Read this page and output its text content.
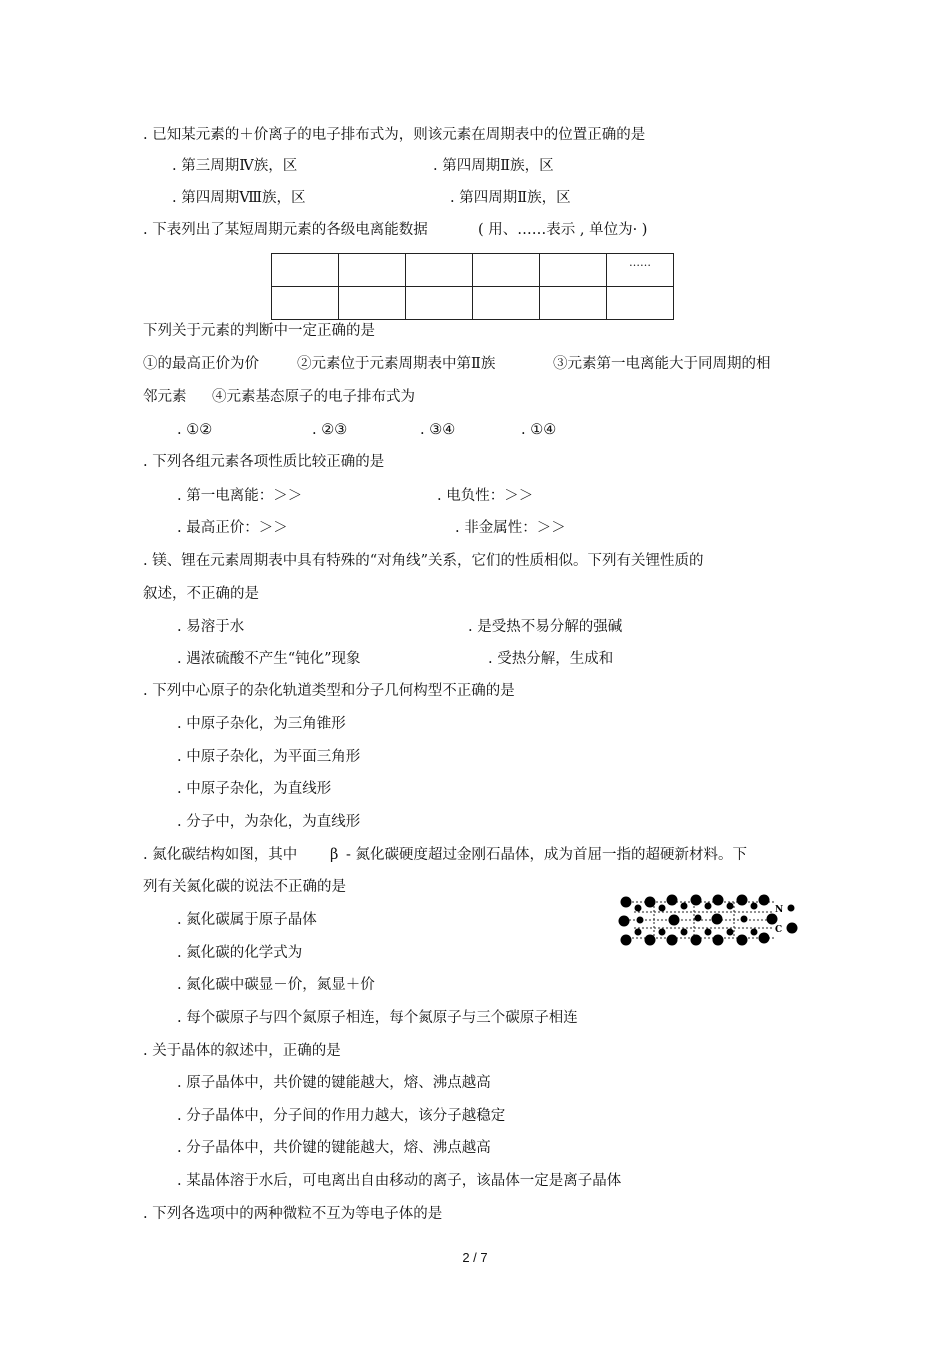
. 已知某元素的＋价离子的电子排布式为，则该元素在周期表中的位置正确的是
. 第三周期Ⅳ族，区	. 第四周期Ⅱ族，区
. 第四周期Ⅷ族，区	. 第四周期Ⅱ族，区
. 下表列出了某短周期元素的各级电离能数据	( 用、……表示 , 单位为· )
					……

下列关于元素的判断中一定正确的是
①的最高正价为价	②元素位于元素周期表中第Ⅱ族	③元素第一电离能大于同周期的相
邻元素 ④元素基态原子的电子排布式为
. ①②	. ②③	. ③④	. ①④
. 下列各组元素各项性质比较正确的是
. 第一电离能：＞＞	. 电负性：＞＞
. 最高正价：＞＞	. 非金属性：＞＞
. 镁、锂在元素周期表中具有特殊的“对角线”关系，它们的性质相似。下列有关锂性质的
叙述，不正确的是
. 易溶于水	. 是受热不易分解的强碱
. 遇浓硫酸不产生“钝化”现象	. 受热分解，生成和
. 下列中心原子的杂化轨道类型和分子几何构型不正确的是
. 中原子杂化，为三角锥形
. 中原子杂化，为平面三角形
. 中原子杂化，为直线形
. 分子中，为杂化，为直线形
. 氮化碳结构如图，其中 β - 氮化碳硬度超过金刚石晶体，成为首屈一指的超硬新材料。下
列有关氮化碳的说法不正确的是
. 氮化碳属于原子晶体
. 氮化碳的化学式为
. 氮化碳中碳显－价，氮显＋价
. 每个碳原子与四个氮原子相连，每个氮原子与三个碳原子相连
N
C
. 关于晶体的叙述中，正确的是
. 原子晶体中，共价键的键能越大，熔、沸点越高
. 分子晶体中，分子间的作用力越大，该分子越稳定
. 分子晶体中，共价键的键能越大，熔、沸点越高
. 某晶体溶于水后，可电离出自由移动的离子，该晶体一定是离子晶体
. 下列各选项中的两种微粒不互为等电子体的是
2 / 7
